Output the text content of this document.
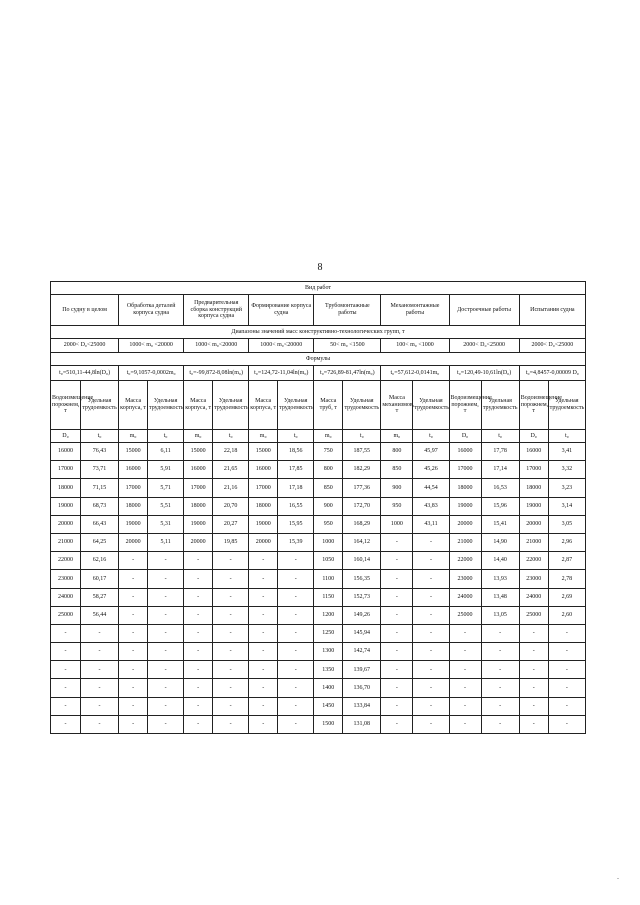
8
Вид работ															
По судну в целом		Обработка деталей корпуса судна		Предварительная сборка конструкций корпуса судна		Формирование корпуса судна		Трубомонтажные работы		Механомонтажные работы		Достроечные работы		Испытания судна	
Диапазоны значений масс конструктивно-технологических групп, т															
2000< D₀<25000		1000< m₀ <20000		1000< m₀<20000		1000< m₀<20000		50< m₀ <1500		100< m₀ <1000		2000< D₀<25000		2000< D₀<25000	
Формулы															
t₀=510,11-44,8ln(D₀)		t₀=9,1057-0,0002m₀		t₀=-99,872-8,08ln(m₀)		t₀=124,72-11,04ln(m₀)		t₀=726,89-81,47ln(m₀)		t₀=57,612-0,0141m₀		t₀=120,49-10,61ln(D₀)		t₀=4,8457-0,00009 D₀	
Водоизмещение порожнем, т	Удельная трудоемкость	Масса корпуса, т	Удельная трудоемкость	Масса корпуса, т	Удельная трудоемкость	Масса корпуса, т	Удельная трудоемкость	Масса труб, т	Удельная трудоемкость	Масса механизмов, т	Удельная трудоемкость	Водоизмещение порожнем, т	Удельная трудоемкость	Водоизмещение порожнем, т	Удельная трудоемкость
D₀	t₀	m₀	t₀	m₀	t₀	m₀	t₀	m₀	t₀	m₀	t₀	D₀	t₀	D₀	t₀
16000	76,43	15000	6,11	15000	22,18	15000	18,56	750	187,55	800	45,97	16000	17,78	16000	3,41
17000	73,71	16000	5,91	16000	21,65	16000	17,85	800	182,29	850	45,26	17000	17,14	17000	3,32
18000	71,15	17000	5,71	17000	21,16	17000	17,18	850	177,36	900	44,54	18000	16,53	18000	3,23
19000	68,73	18000	5,51	18000	20,70	18000	16,55	900	172,70	950	43,83	19000	15,96	19000	3,14
20000	66,43	19000	5,31	19000	20,27	19000	15,95	950	168,29	1000	43,11	20000	15,41	20000	3,05
21000	64,25	20000	5,11	20000	19,85	20000	15,39	1000	164,12	-	-	21000	14,90	21000	2,96
22000	62,16	-	-	-	-	-	-	1050	160,14	-	-	22000	14,40	22000	2,87
23000	60,17	-	-	-	-	-	-	1100	156,35	-	-	23000	13,93	23000	2,78
24000	58,27	-	-	-	-	-	-	1150	152,73	-	-	24000	13,48	24000	2,69
25000	56,44	-	-	-	-	-	-	1200	149,26	-	-	25000	13,05	25000	2,60
-	-	-	-	-	-	-	-	1250	145,94	-	-	-	-	-	-
-	-	-	-	-	-	-	-	1300	142,74	-	-	-	-	-	-
-	-	-	-	-	-	-	-	1350	139,67	-	-	-	-	-	-
-	-	-	-	-	-	-	-	1400	136,70	-	-	-	-	-	-
-	-	-	-	-	-	-	-	1450	133,84	-	-	-	-	-	-
-	-	-	-	-	-	-	-	1500	131,08	-	-	-	-	-	-
-
